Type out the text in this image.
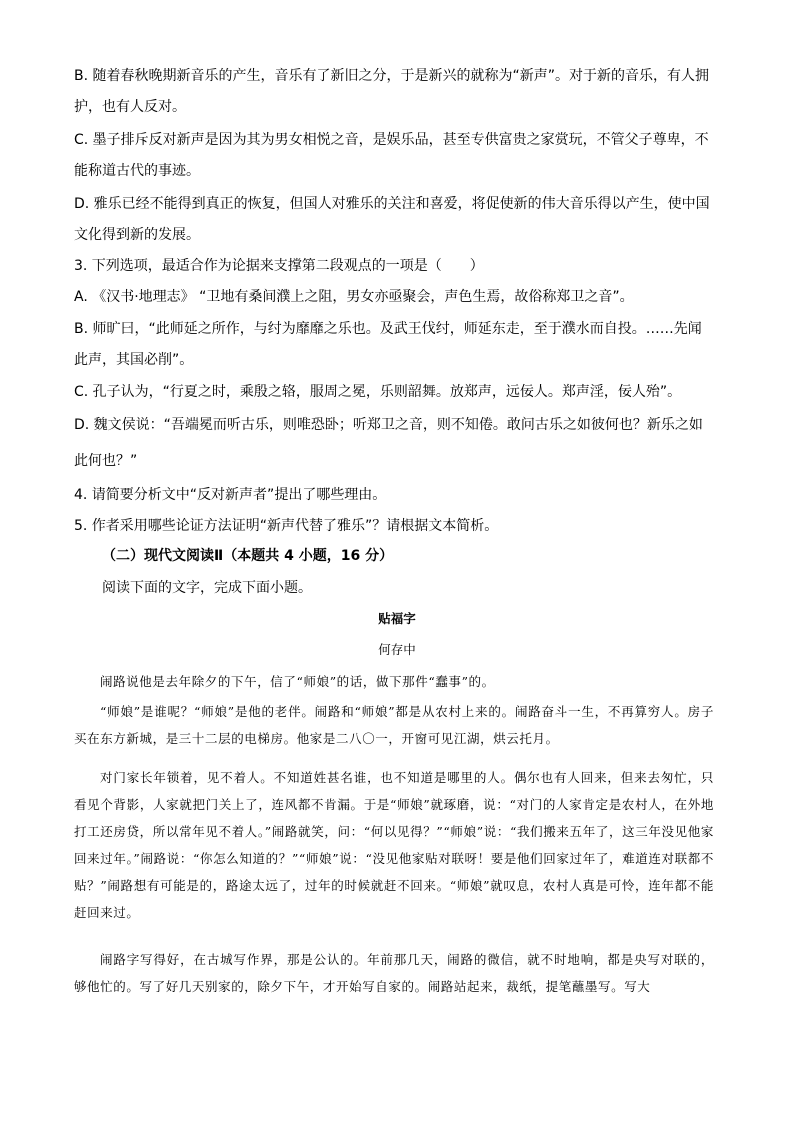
B. 随着春秋晚期新音乐的产生，音乐有了新旧之分，于是新兴的就称为“新声”。对于新的音乐，有人拥
护，也有人反对。
C. 墨子排斥反对新声是因为其为男女相悦之音，是娱乐品，甚至专供富贵之家赏玩，不管父子尊卑，不
能称道古代的事迹。
D. 雅乐已经不能得到真正的恢复，但国人对雅乐的关注和喜爱，将促使新的伟大音乐得以产生，使中国
文化得到新的发展。
3. 下列选项，最适合作为论据来支撑第二段观点的一项是（　　）
A. 《汉书·地理志》 “卫地有桑间濮上之阻，男女亦亟聚会，声色生焉，故俗称郑卫之音”。
B. 师旷曰，“此师延之所作，与纣为靡靡之乐也。及武王伐纣，师延东走，至于濮水而自投。……先闻
此声，其国必削”。
C. 孔子认为，“行夏之时，乘殷之辂，服周之冕，乐则韶舞。放郑声，远佞人。郑声淫，佞人殆”。
D. 魏文侯说：“吾端冕而听古乐，则唯恐卧；听郑卫之音，则不知倦。敢问古乐之如彼何也？新乐之如
此何也？”
4. 请简要分析文中“反对新声者”提出了哪些理由。
5. 作者采用哪些论证方法证明“新声代替了雅乐”？请根据文本简析。
（二）现代文阅读Ⅱ（本题共 4 小题，16 分）
阅读下面的文字，完成下面小题。
贴福字
何存中
闹路说他是去年除夕的下午，信了“师娘”的话，做下那件“蠢事”的。
“师娘”是谁呢？“师娘”是他的老伴。闹路和“师娘”都是从农村上来的。闹路奋斗一生，不再算穷人。房子买在东方新城，是三十二层的电梯房。他家是二八〇一，开窗可见江湖，烘云托月。
对门家长年锁着，见不着人。不知道姓甚名谁，也不知道是哪里的人。偶尔也有人回来，但来去匆忙，只看见个背影，人家就把门关上了，连风都不肯漏。于是“师娘”就琢磨，说：“对门的人家肯定是农村人，在外地打工还房贷，所以常年见不着人。”闹路就笑，问：“何以见得？”“师娘”说：“我们搬来五年了，这三年没见他家回来过年。”闹路说：“你怎么知道的？”“师娘”说：“没见他家贴对联呀！要是他们回家过年了，难道连对联都不贴？”闹路想有可能是的，路途太远了，过年的时候就赶不回来。“师娘”就叹息，农村人真是可怜，连年都不能赶回来过。
闹路字写得好，在古城写作界，那是公认的。年前那几天，闹路的微信，就不时地响，都是央写对联的，够他忙的。写了好几天别家的，除夕下午，才开始写自家的。闹路站起来，裁纸，提笔蘸墨写。写大
